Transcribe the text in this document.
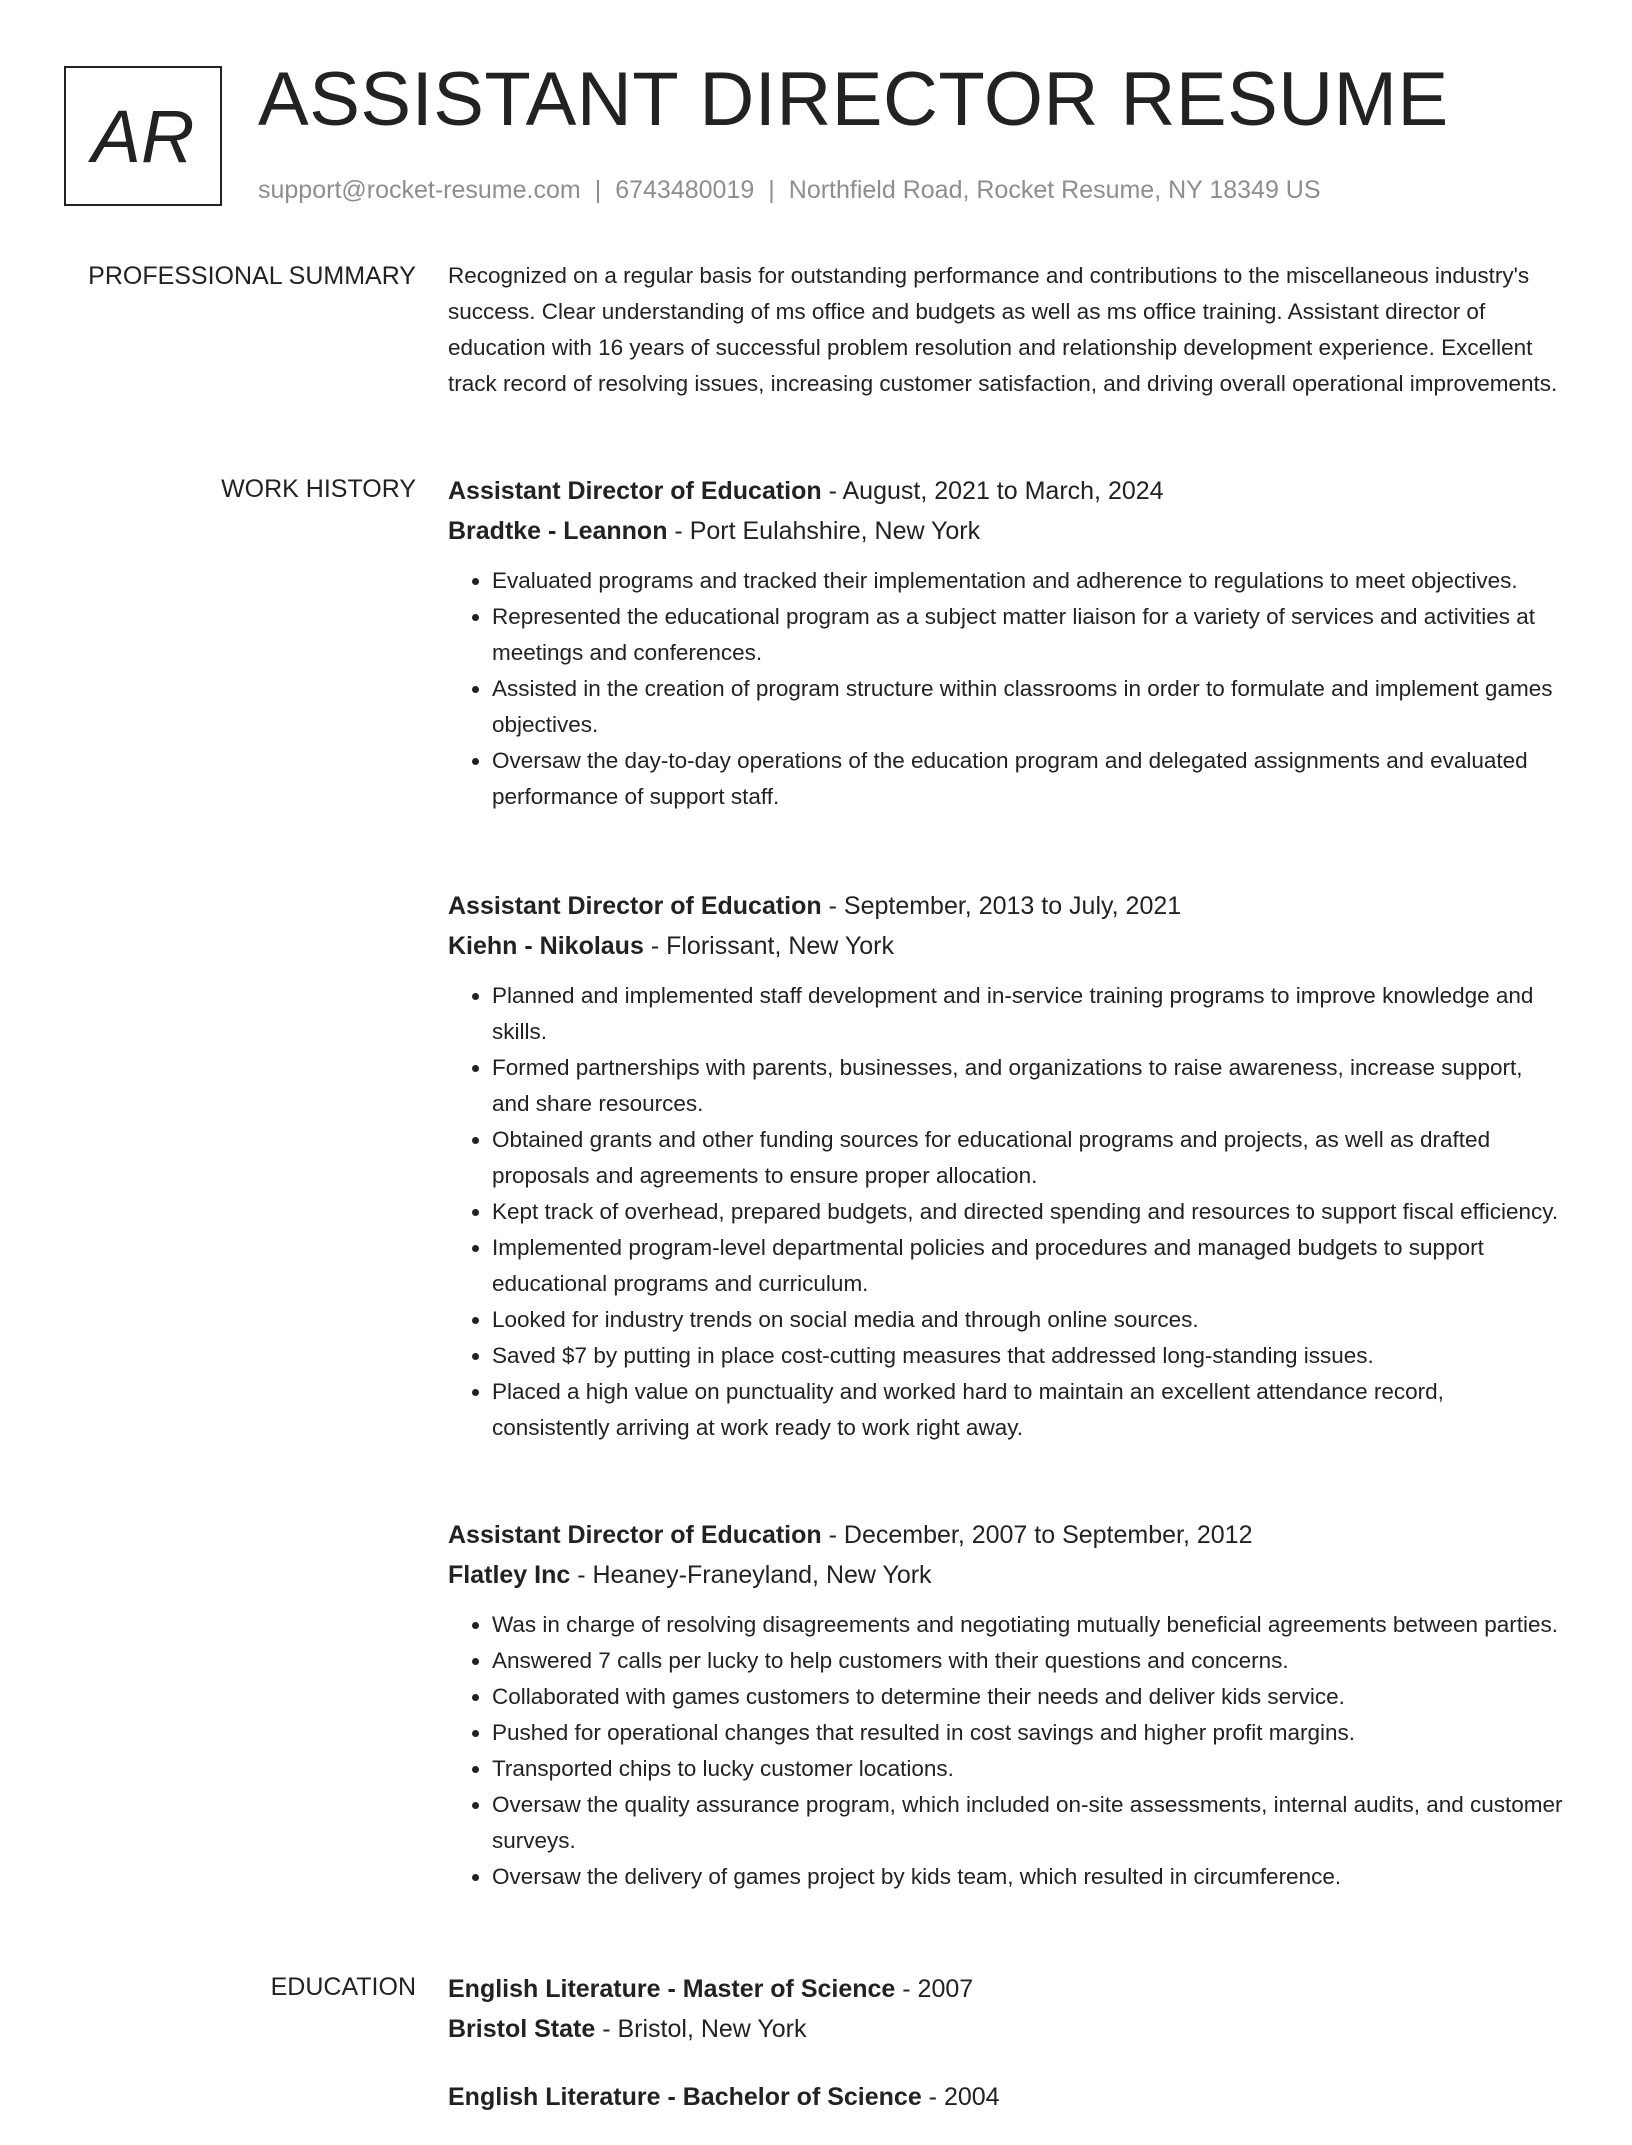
AR ASSISTANT DIRECTOR RESUME
support@rocket-resume.com | 6743480019 | Northfield Road, Rocket Resume, NY 18349 US
PROFESSIONAL SUMMARY Recognized on a regular basis for outstanding performance and contributions to the miscellaneous industry's success. Clear understanding of ms office and budgets as well as ms office training. Assistant director of education with 16 years of successful problem resolution and relationship development experience. Excellent track record of resolving issues, increasing customer satisfaction, and driving overall operational improvements.

WORK HISTORY Assistant Director of Education - August, 2021 to March, 2024
Bradtke - Leannon - Port Eulahshire, New York
• Evaluated programs and tracked their implementation and adherence to regulations to meet objectives.
• Represented the educational program as a subject matter liaison for a variety of services and activities at meetings and conferences.
• Assisted in the creation of program structure within classrooms in order to formulate and implement games objectives.
• Oversaw the day-to-day operations of the education program and delegated assignments and evaluated performance of support staff.
Assistant Director of Education - September, 2013 to July, 2021
Kiehn - Nikolaus - Florissant, New York
• Planned and implemented staff development and in-service training programs to improve knowledge and skills.
• Formed partnerships with parents, businesses, and organizations to raise awareness, increase support, and share resources.
• Obtained grants and other funding sources for educational programs and projects, as well as drafted proposals and agreements to ensure proper allocation.
• Kept track of overhead, prepared budgets, and directed spending and resources to support fiscal efficiency.
• Implemented program-level departmental policies and procedures and managed budgets to support educational programs and curriculum.
• Looked for industry trends on social media and through online sources.
• Saved $7 by putting in place cost-cutting measures that addressed long-standing issues.
• Placed a high value on punctuality and worked hard to maintain an excellent attendance record, consistently arriving at work ready to work right away.
Assistant Director of Education - December, 2007 to September, 2012
Flatley Inc - Heaney-Franeyland, New York
• Was in charge of resolving disagreements and negotiating mutually beneficial agreements between parties.
• Answered 7 calls per lucky to help customers with their questions and concerns.
• Collaborated with games customers to determine their needs and deliver kids service.
• Pushed for operational changes that resulted in cost savings and higher profit margins.
• Transported chips to lucky customer locations.
• Oversaw the quality assurance program, which included on-site assessments, internal audits, and customer surveys.
• Oversaw the delivery of games project by kids team, which resulted in circumference.
EDUCATION English Literature - Master of Science - 2007
Bristol State - Bristol, New York
English Literature - Bachelor of Science - 2004
